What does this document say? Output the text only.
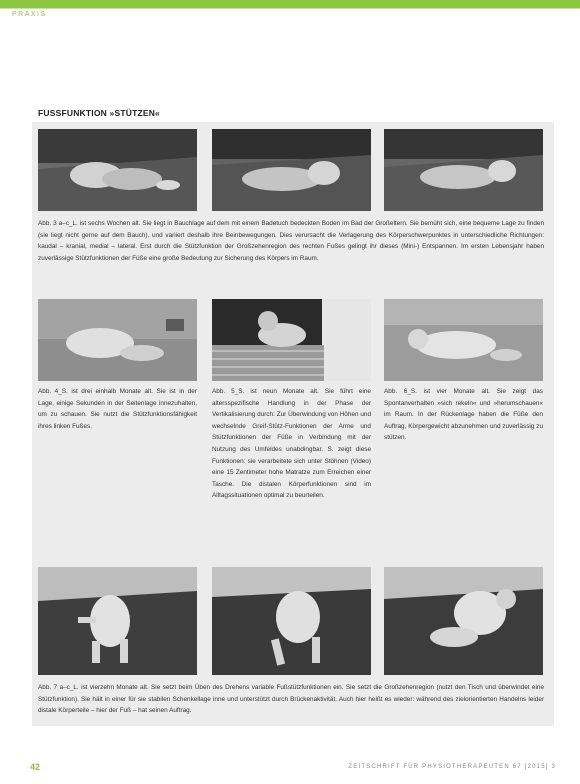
PRAXIS
FUSSFUNKTION »STÜTZEN«

Abb. 3 a–c_L. ist sechs Wochen alt. Sie liegt in Bauchlage auf dem mit einem Badetuch bedeckten Boden im Bad der Großeltern. Sie bemüht sich, eine bequeme Lage zu finden (sie liegt nicht gerne auf dem Bauch), und variiert deshalb ihre Beinbewegungen. Dies verursacht die Verlagerung des Körperschwerpunktes in unterschiedliche Richtungen: kaudal – kranial, medial – lateral. Erst durch die Stützfunktion der Großzehenregion des rechten Fußes gelingt ihr dieses (Mini-) Entspannen. Im ersten Lebensjahr haben zuverlässige Stützfunktionen der Füße eine große Bedeutung zur Sicherung des Körpers im Raum.

Abb. 4_S. ist drei einhalb Monate alt. Sie ist in der Lage, einige Sekunden in der Seitenlage innezuhalten, um zu schauen. Sie nutzt die Stützfunktionsfähigkeit ihres linken Fußes.

Abb. 5_S. ist neun Monate alt. Sie führt eine altersspezifische Handlung in der Phase der Vertikalisierung durch: Zur Überwindung von Höhen und wechselnde Greif-Stütz-Funktionen der Arme und Stützfunktionen der Füße in Verbindung mit der Nutzung des Umfeldes unabdingbar. S. zeigt diese Funktionen: sie verarbeitete sich unter Stöhnen (Video) eine 15 Zentimeter hohe Matratze zum Erreichen einer Tasche. Die distalen Körperfunktionen sind im Alltagssituationen optimal zu beurteilen.

Abb. 6_S. ist vier Monate alt. Sie zeigt das Spontanverhalten »sich rekeln« und »herumschauen« im Raum. In der Rückenlage haben die Füße den Auftrag, Körpergewicht abzunehmen und zuverlässig zu stützen.

Abb. 7 a–c_L. ist vierzehn Monate alt. Sie setzt beim Üben des Drehens variable Fußstützfunktionen ein. Sie setzt die Großzehenregion (nutzt den Tisch und überwindet eine Stützfunktion). Sie hält in einer für sie stabilen Schenkellage inne und unterstützt durch Brückenaktivität. Auch hier heißt es wieder: während des zielorientierten Handelns leider distale Körperteile – hier der Fuß – hat seinen Auftrag.

42	ZEITSCHRIFT FÜR PHYSIOTHERAPEUTEN 67 [2015] 3
